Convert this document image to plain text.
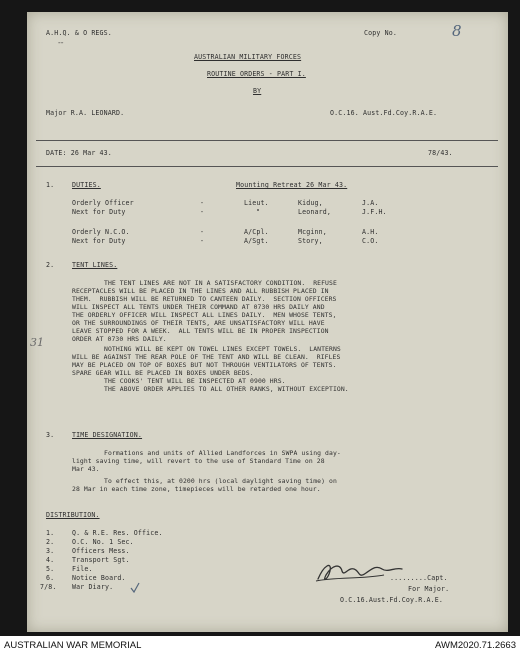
A.H.Q. & O REGS.	Copy No.	8
--
AUSTRALIAN MILITARY FORCES
ROUTINE ORDERS - PART I.
BY
Major R.A. LEONARD.	O.C.16. Aust.Fd.Coy.R.A.E.
DATE: 26 Mar 43.	78/43.
1.	DUTIES.	Mounting Retreat 26 Mar 43.
Orderly Officer	-	Lieut.	Kidug,	J.A.
Next for Duty	-	"	Leonard,	J.F.H.
Orderly N.C.O.	-	A/Cpl.	Mcginn,	A.H.
Next for Duty	-	A/Sgt.	Story,	C.O.
2.	TENT LINES.
THE TENT LINES ARE NOT IN A SATISFACTORY CONDITION.  REFUSE
RECEPTACLES WILL BE PLACED IN THE LINES AND ALL RUBBISH PLACED IN
THEM.  RUBBISH WILL BE RETURNED TO CANTEEN DAILY.  SECTION OFFICERS
WILL INSPECT ALL TENTS UNDER THEIR COMMAND AT 0730 HRS DAILY AND
THE ORDERLY OFFICER WILL INSPECT ALL LINES DAILY.  MEN WHOSE TENTS,
OR THE SURROUNDINGS OF THEIR TENTS, ARE UNSATISFACTORY WILL HAVE
LEAVE STOPPED FOR A WEEK.  ALL TENTS WILL BE IN PROPER INSPECTION
ORDER AT 0730 HRS DAILY.
NOTHING WILL BE KEPT ON TOWEL LINES EXCEPT TOWELS.  LANTERNS
WILL BE AGAINST THE REAR POLE OF THE TENT AND WILL BE CLEAN.  RIFLES
MAY BE PLACED ON TOP OF BOXES BUT NOT THROUGH VENTILATORS OF TENTS.
SPARE GEAR WILL BE PLACED IN BOXES UNDER BEDS.
THE COOKS' TENT WILL BE INSPECTED AT 0900 HRS.
THE ABOVE ORDER APPLIES TO ALL OTHER RANKS, WITHOUT EXCEPTION.
31
3.	TIME DESIGNATION.
Formations and units of Allied Landforces in SWPA using day-
light saving time, will revert to the use of Standard Time on 28
Mar 43.
To effect this, at 0200 hrs (local daylight saving time) on
28 Mar in each time zone, timepieces will be retarded one hour.
DISTRIBUTION.
1.	Q. & R.E. Res. Office.
2.	O.C. No. 1 Sec.
3.	Officers Mess.
4.	Transport Sgt.
5.	File.
6.	Notice Board.
7/8. War Diary.
.........Capt.
For Major.
O.C.16.Aust.Fd.Coy.R.A.E.
AUSTRALIAN WAR MEMORIAL	AWM2020.71.2663
